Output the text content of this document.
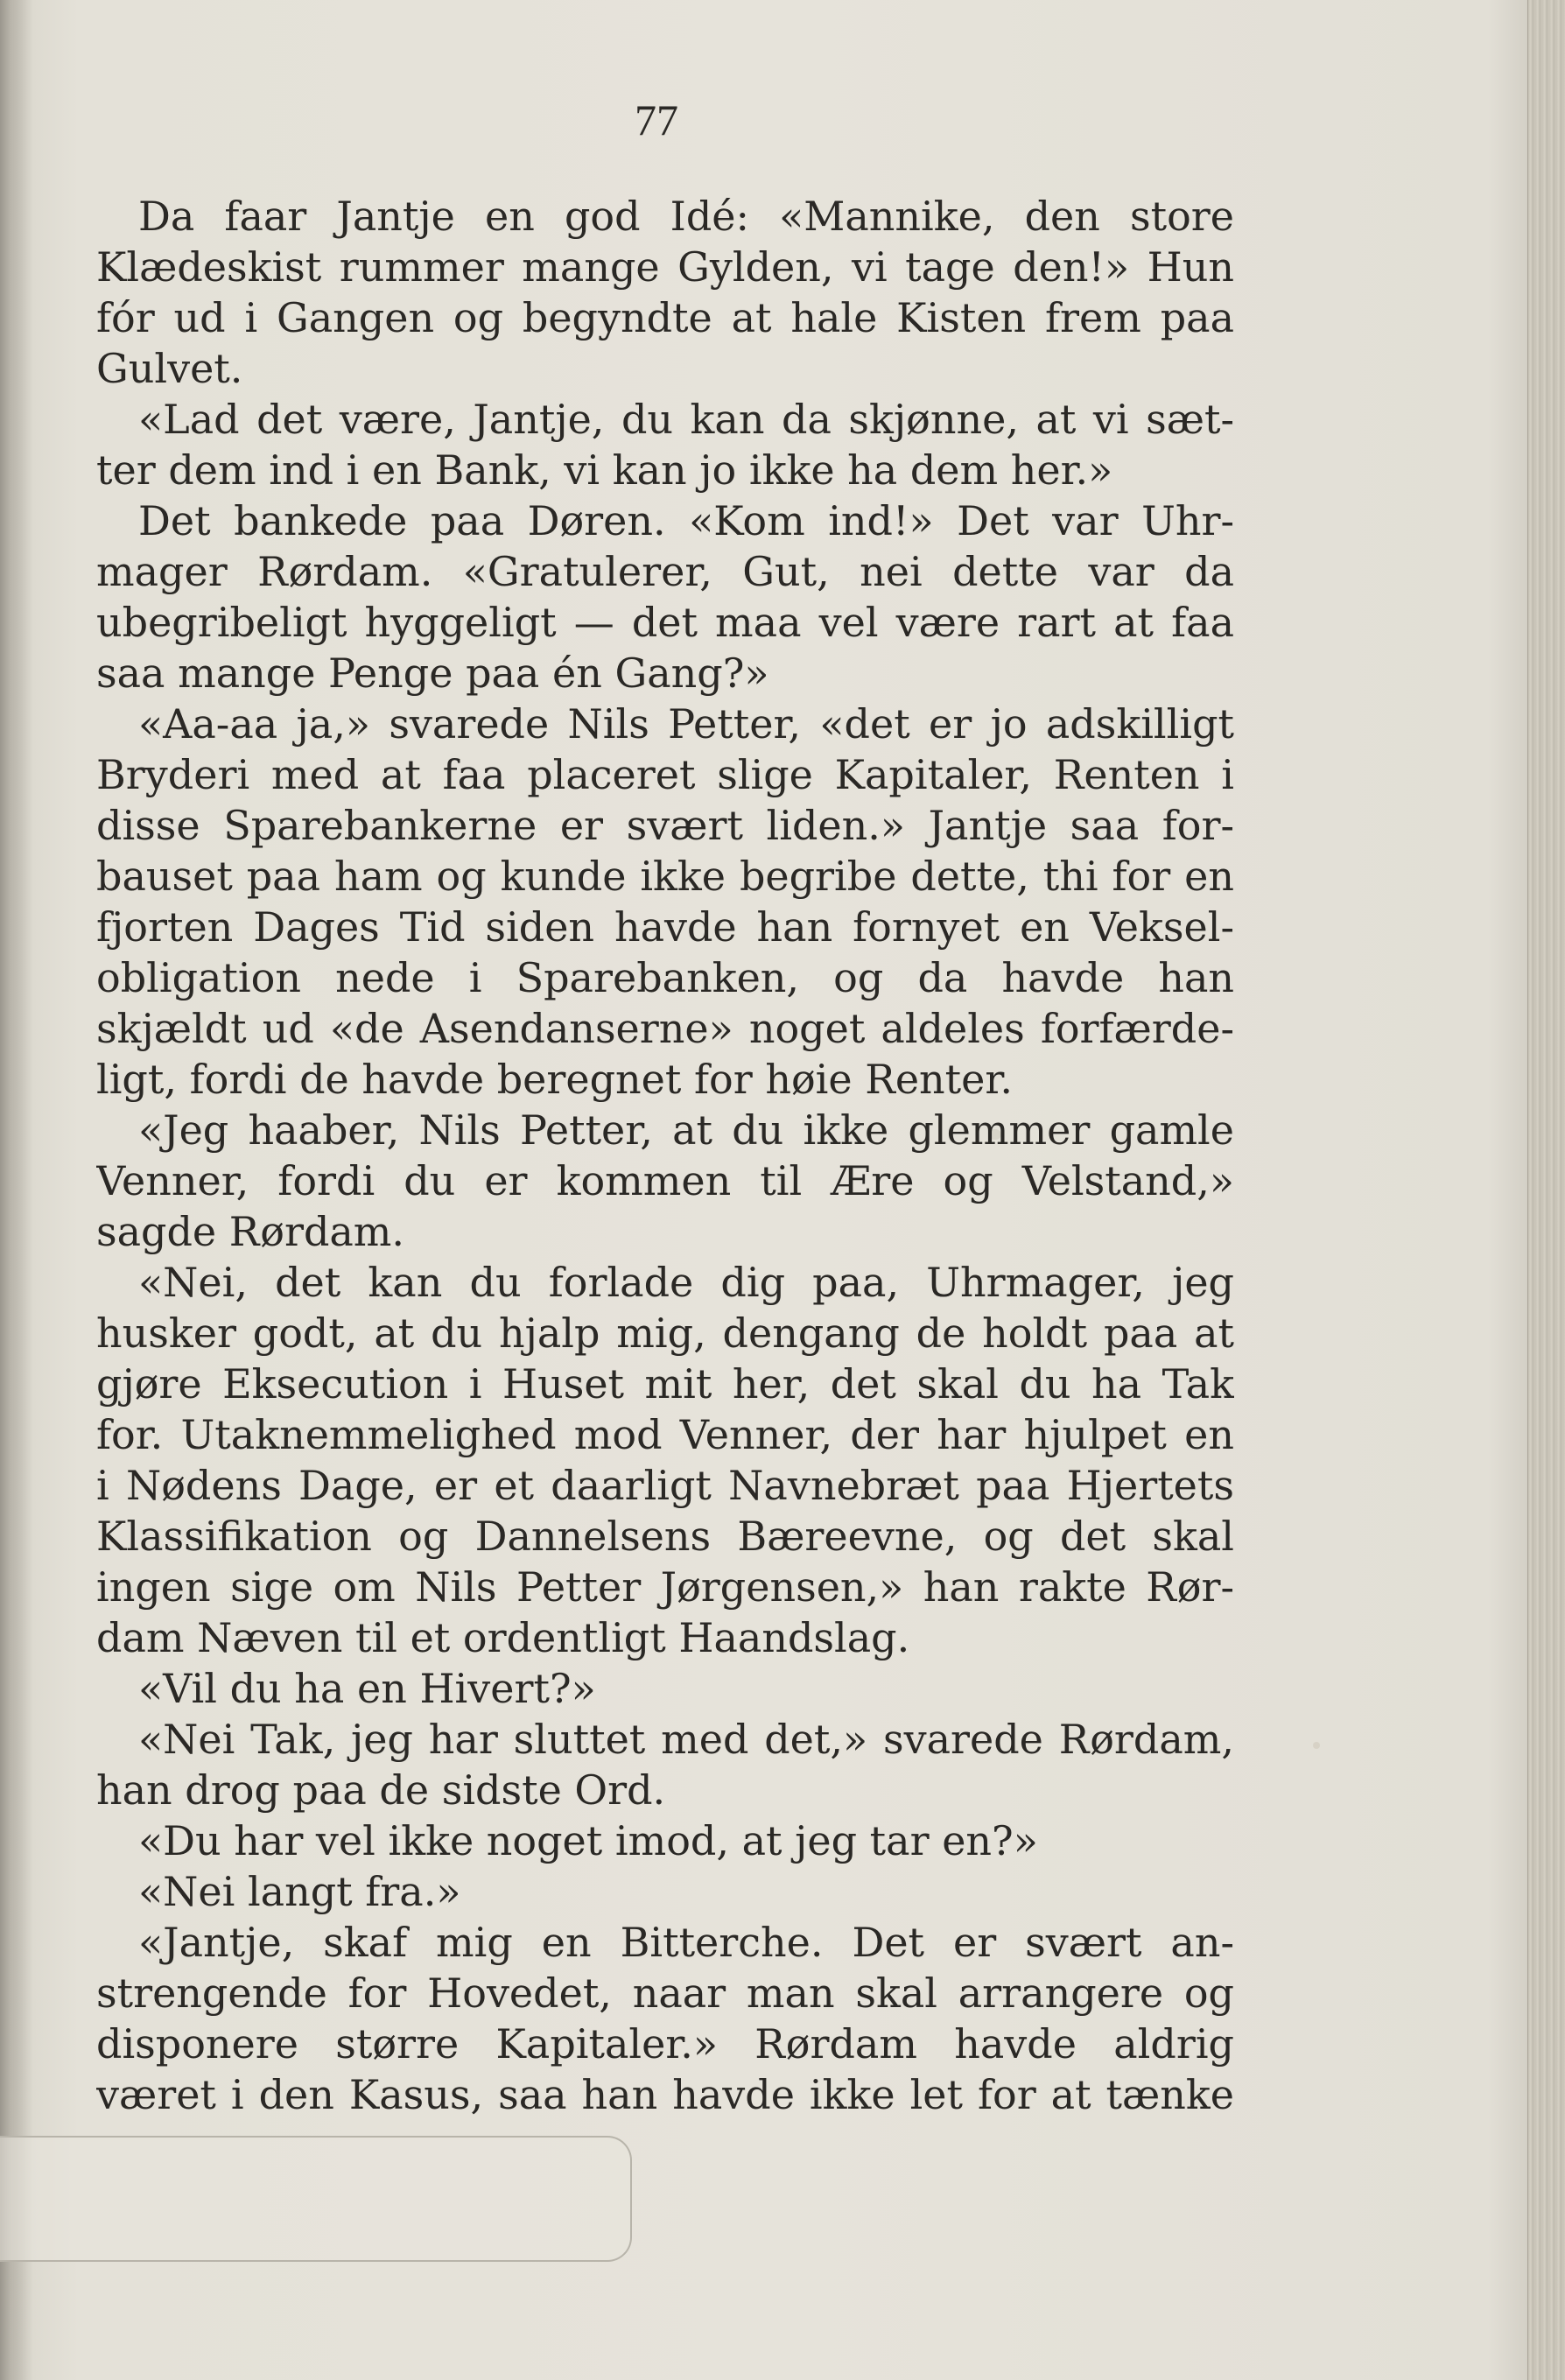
77
Da faar Jantje en god Idé: «Mannike, den store
Klædeskist rummer mange Gylden, vi tage den!» Hun
fór ud i Gangen og begyndte at hale Kisten frem paa
Gulvet.
«Lad det være, Jantje, du kan da skjønne, at vi sæt-
ter dem ind i en Bank, vi kan jo ikke ha dem her.»
Det bankede paa Døren. «Kom ind!» Det var Uhr-
mager Rørdam. «Gratulerer, Gut, nei dette var da
ubegribeligt hyggeligt — det maa vel være rart at faa
saa mange Penge paa én Gang?»
«Aa-aa ja,» svarede Nils Petter, «det er jo adskilligt
Bryderi med at faa placeret slige Kapitaler, Renten i
disse Sparebankerne er svært liden.» Jantje saa for-
bauset paa ham og kunde ikke begribe dette, thi for en
fjorten Dages Tid siden havde han fornyet en Veksel-
obligation nede i Sparebanken, og da havde han
skjældt ud «de Asendanserne» noget aldeles forfærde-
ligt, fordi de havde beregnet for høie Renter.
«Jeg haaber, Nils Petter, at du ikke glemmer gamle
Venner, fordi du er kommen til Ære og Velstand,»
sagde Rørdam.
«Nei, det kan du forlade dig paa, Uhrmager, jeg
husker godt, at du hjalp mig, dengang de holdt paa at
gjøre Eksecution i Huset mit her, det skal du ha Tak
for. Utaknemmelighed mod Venner, der har hjulpet en
i Nødens Dage, er et daarligt Navnebræt paa Hjertets
Klassifikation og Dannelsens Bæreevne, og det skal
ingen sige om Nils Petter Jørgensen,» han rakte Rør-
dam Næven til et ordentligt Haandslag.
«Vil du ha en Hivert?»
«Nei Tak, jeg har sluttet med det,» svarede Rørdam,
han drog paa de sidste Ord.
«Du har vel ikke noget imod, at jeg tar en?»
«Nei langt fra.»
«Jantje, skaf mig en Bitterche. Det er svært an-
strengende for Hovedet, naar man skal arrangere og
disponere større Kapitaler.» Rørdam havde aldrig
været i den Kasus, saa han havde ikke let for at tænke
